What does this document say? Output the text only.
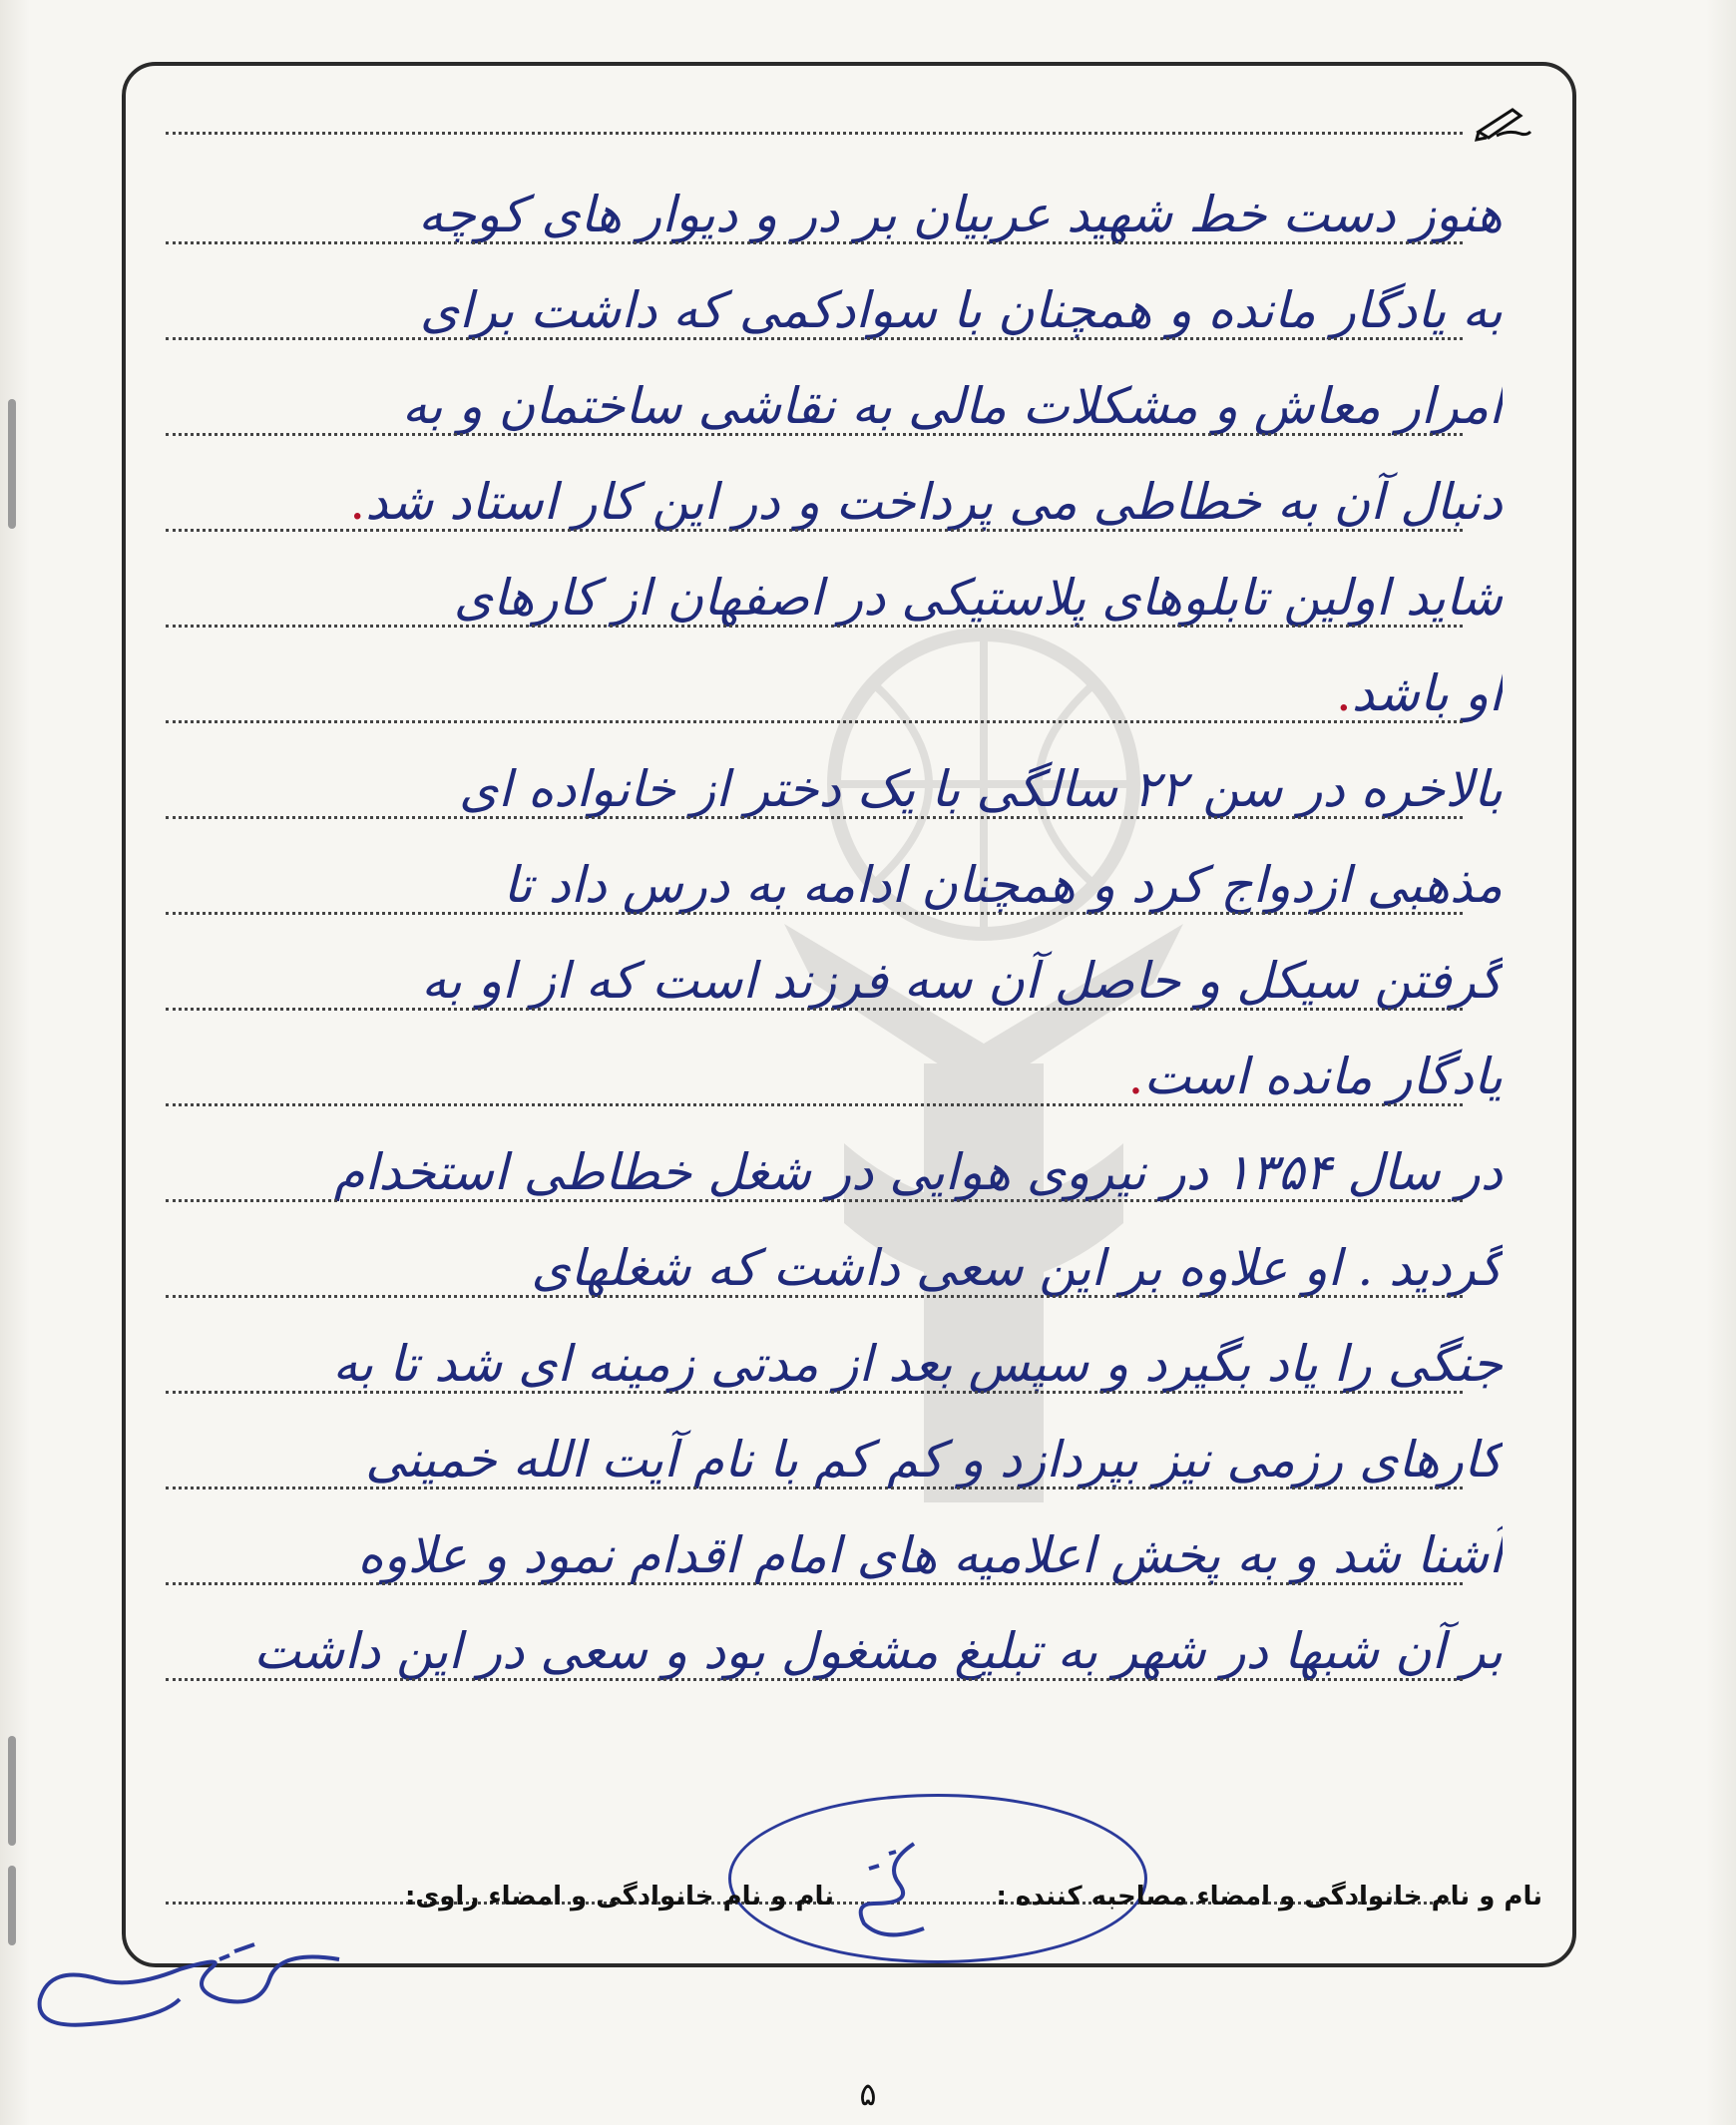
هنوز دست خط شهید عربیان بر در و دیوار های کوچه
به یادگار مانده و همچنان با سوادکمی که داشت برای
امرار معاش و مشکلات مالی به نقاشی ساختمان و به
دنبال آن به خطاطی می پرداخت و در این کار استاد شد.
شاید اولین تابلوهای پلاستیکی در اصفهان از کارهای
او باشد.
بالاخره در سن ۲۲ سالگی با یک دختر از خانواده ای
مذهبی ازدواج کرد و همچنان ادامه به درس داد تا
گرفتن سیکل و حاصل آن سه فرزند است که از او به
یادگار مانده است.
در سال ۱۳۵۴ در نیروی هوایی در شغل خطاطی استخدام
گردید . او علاوه بر این سعی داشت که شغلهای
جنگی را یاد بگیرد و سپس بعد از مدتی زمینه ای شد تا به
کارهای رزمی نیز بپردازد و کم کم با نام آیت الله خمینی
آشنا شد و به پخش اعلامیه های امام اقدام نمود و علاوه
بر آن شبها در شهر به تبلیغ مشغول بود و سعی در این داشت
نام و نام خانوادگی و امضاء مصاحبه کننده :
نام و نام خانوادگی و امضاء راوی:
۵
